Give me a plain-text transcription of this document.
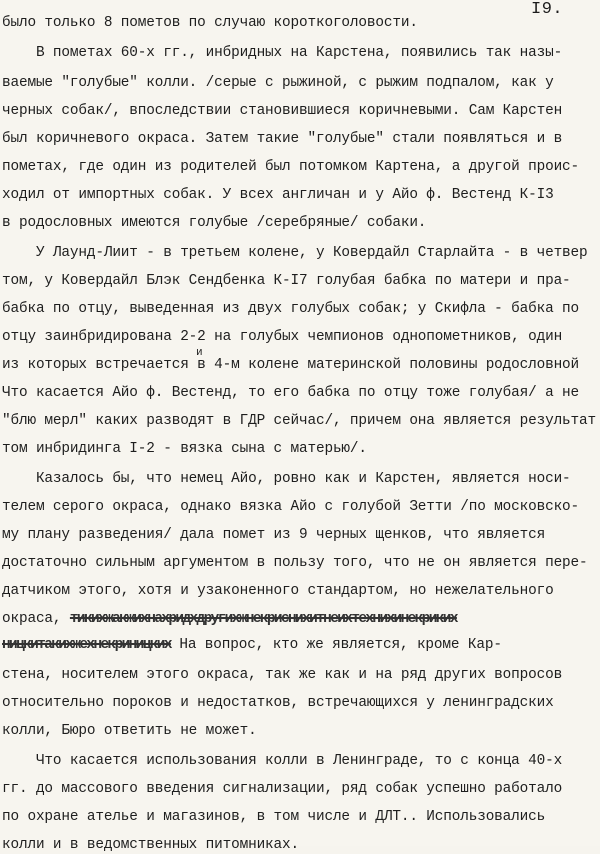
I9.
было только 8 пометов по случаю короткоголовости.
В пометах 60-х гг., инбридных на Карстена, появились так назы-
ваемые "голубые" колли. /серые с рыжиной, с рыжим подпалом, как у
черных собак/, впоследствии становившиеся коричневыми. Сам Карстен
был коричневого окраса. Затем такие "голубые" стали появляться и в
пометах, где один из родителей был потомком Картена, а другой проис-
ходил от импортных собак. У всех англичан и у Айо ф. Вестенд К-I3
в родословных имеются голубые /серебряные/ собаки.
У Лаунд-Лиит - в третьем колене, у Ковердайл Старлайта - в четвер
том, у Ковердайл Блэк Сендбенка К-I7 голубая бабка по матери и пра-
бабка по отцу, выведенная из двух голубых собак; у Скифла - бабка по
отцу заинбридирована 2-2 на голубых чемпионов однопометников, один
из которых встречается в 4-м колене материнской половины родословной
Что касается Айо ф. Вестенд, то его бабка по отцу тоже голубая/ а не
"блю мерл" каких разводят в ГДР сейчас/, причем она является результат
том инбридинга I-2 - вязка сына с матерью/.
Казалось бы, что немец Айо, ровно как и Карстен, является носи-
телем серого окраса, однако вязка Айо с голубой Зетти /по московско-
му плану разведения/ дала помет из 9 черных щенков, что является
достаточно сильным аргументом в пользу того, что не он является пере-
датчиком этого, хотя и узаконенного стандартом, но нежелательного
окраса, тикихжакжихнахридхдругихжнекриснихитнеихтехнихинекриких
ницкитакихжехнекриницких На вопрос, кто же является, кроме Кар-
стена, носителем этого окраса, так же как и на ряд других вопросов
относительно пороков и недостатков, встречающихся у ленинградских
колли, Бюро ответить не может.
Что касается использования колли в Ленинграде, то с конца 40-х
гг. до массового введения сигнализации, ряд собак успешно работало
по охране ателье и магазинов, в том числе и ДЛТ.. Использовались
колли и в ведомственных питомниках.
и
